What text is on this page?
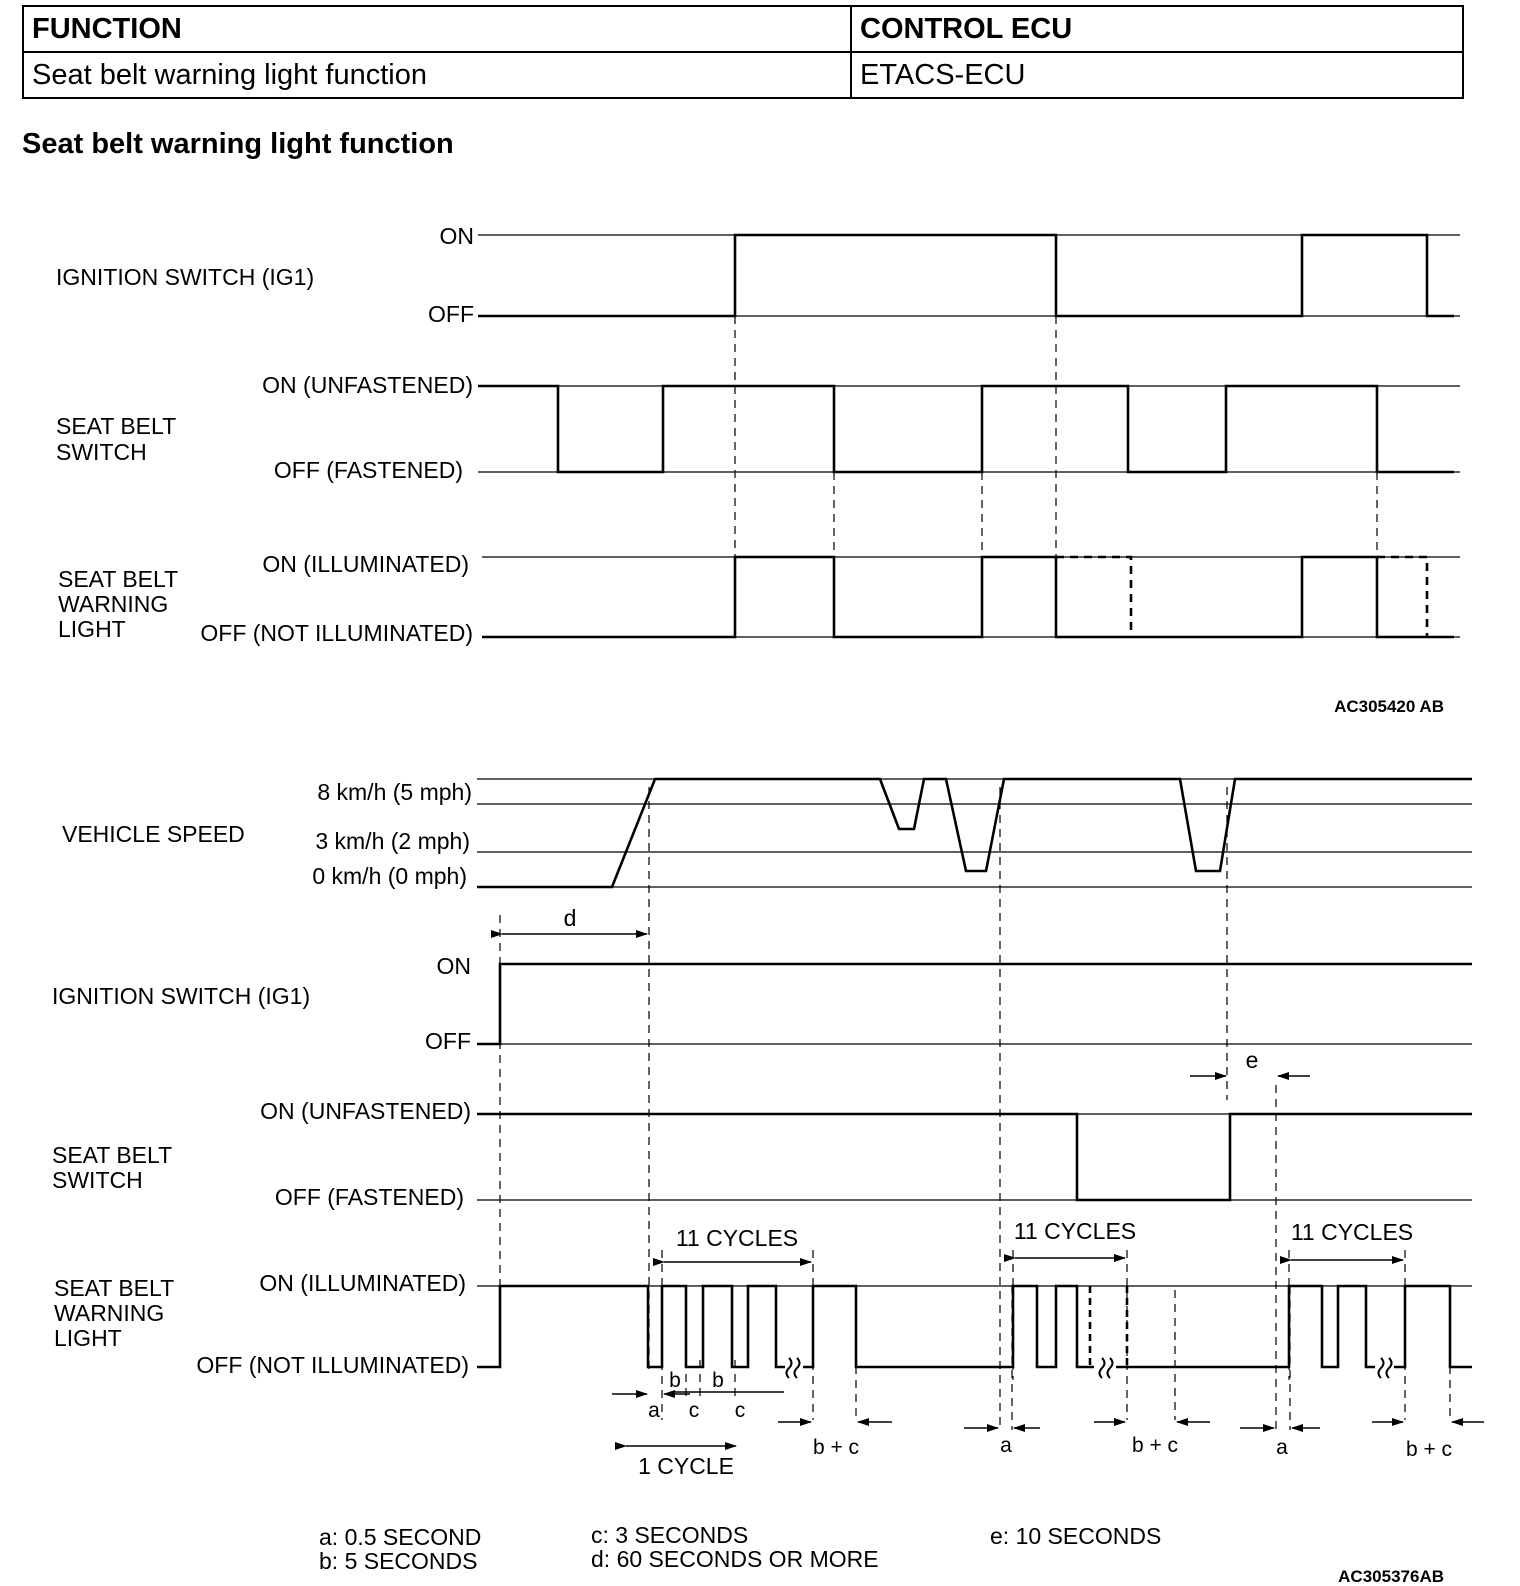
FUNCTION	CONTROL ECU
Seat belt warning light function	ETACS-ECU
Seat belt warning light function
IGNITION SWITCH (IG1)
ON
OFF
SEAT BELT
SWITCH
ON (UNFASTENED)
OFF (FASTENED)
SEAT BELT
WARNING
LIGHT
ON (ILLUMINATED)
OFF (NOT ILLUMINATED)
AC305420 AB
VEHICLE SPEED
8 km/h (5 mph)
3 km/h (2 mph)
0 km/h (0 mph)
IGNITION SWITCH (IG1)
ON
OFF
SEAT BELT
SWITCH
ON (UNFASTENED)
OFF (FASTENED)
SEAT BELT
WARNING
LIGHT
ON (ILLUMINATED)
OFF (NOT ILLUMINATED)
11 CYCLES	11 CYCLES	11 CYCLES
d
e
b b
a c c
1 CYCLE
b + c	a	b + c	a	b + c
a: 0.5 SECOND
b: 5 SECONDS
c: 3 SECONDS
d: 60 SECONDS OR MORE
e: 10 SECONDS
AC305376AB
